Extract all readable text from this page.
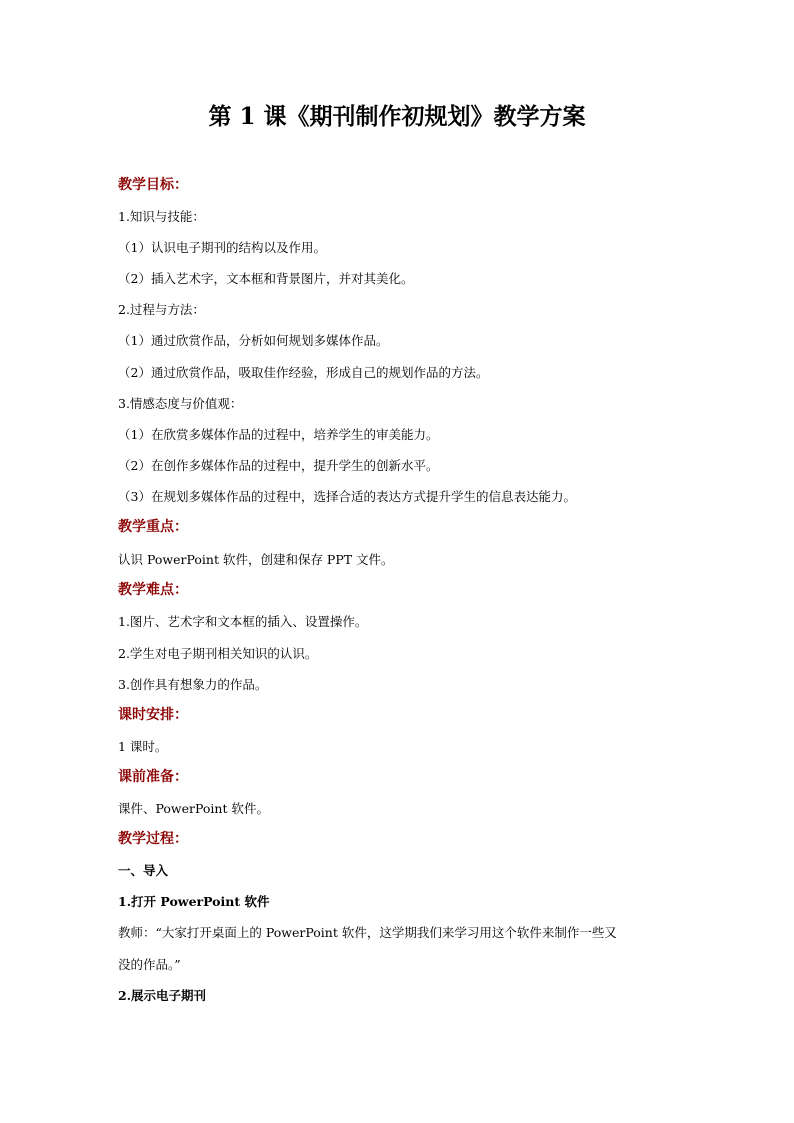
第 1 课《期刊制作初规划》教学方案
教学目标：
1.知识与技能：
（1）认识电子期刊的结构以及作用。
（2）插入艺术字，文本框和背景图片，并对其美化。
2.过程与方法：
（1）通过欣赏作品，分析如何规划多媒体作品。
（2）通过欣赏作品，吸取佳作经验，形成自己的规划作品的方法。
3.情感态度与价值观：
（1）在欣赏多媒体作品的过程中，培养学生的审美能力。
（2）在创作多媒体作品的过程中，提升学生的创新水平。
（3）在规划多媒体作品的过程中，选择合适的表达方式提升学生的信息表达能力。
教学重点：
认识 PowerPoint 软件，创建和保存 PPT 文件。
教学难点：
1.图片、艺术字和文本框的插入、设置操作。
2.学生对电子期刊相关知识的认识。
3.创作具有想象力的作品。
课时安排：
1 课时。
课前准备：
课件、PowerPoint 软件。
教学过程：
一、导入
1.打开 PowerPoint 软件
教师：“大家打开桌面上的 PowerPoint 软件，这学期我们来学习用这个软件来制作一些又
没的作品。”
2.展示电子期刊
